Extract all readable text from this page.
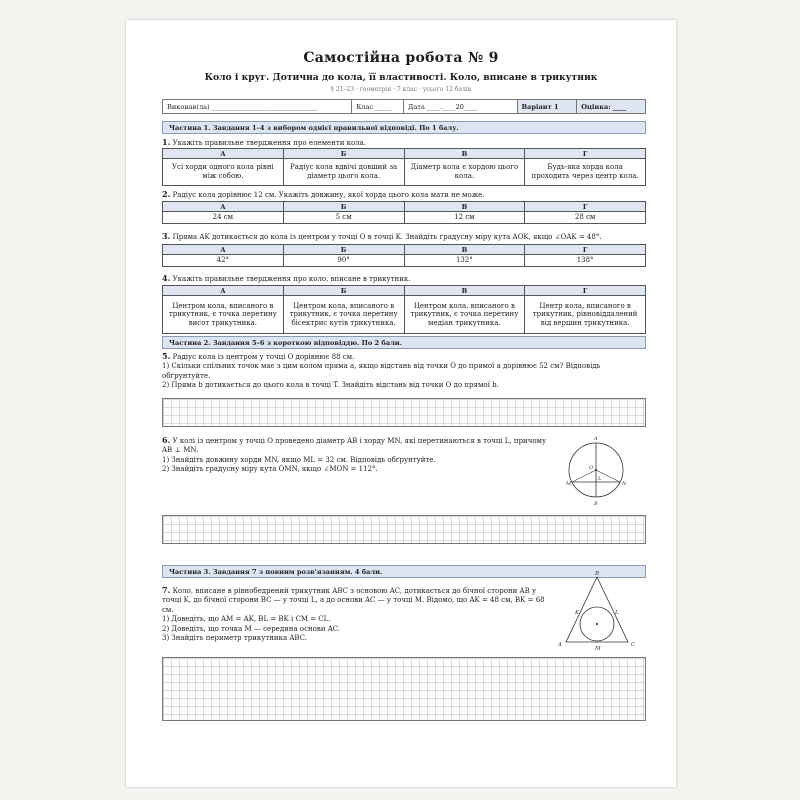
Самостійна робота № 9
Коло і круг. Дотична до кола, її властивості. Коло, вписане в трикутник
§ 21–23 · геометрія · 7 клас · усього 12 балів
Виконав(ла) ________________________________	Клас _____	Дата ____.____20____	Варіант 1	Оцінка: ____
Частина 1. Завдання 1–4 з вибором однієї правильної відповіді. По 1 балу.
1. Укажіть правильне твердження про елементи кола.
А	Б	В	Г
Усі хорди одного кола рівні між собою.	Радіус кола вдвічі довший за діаметр цього кола.	Діаметр кола є хордою цього кола.	Будь-яка хорда кола проходить через центр кола.
2. Радіус кола дорівнює 12 см. Укажіть довжину, якої хорда цього кола мати не може.
А	Б	В	Г
24 см	5 см	12 см	28 см
3. Пряма AK дотикається до кола із центром у точці O в точці K. Знайдіть градусну міру кута AOK, якщо ∠OAK = 48°.
А	Б	В	Г
42°	90°	132°	138°
4. Укажіть правильне твердження про коло, вписане в трикутник.
А	Б	В	Г
Центром кола, вписаного в трикутник, є точка перетину висот трикутника.	Центром кола, вписаного в трикутник, є точка перетину бісектрис кутів трикутника.	Центром кола, вписаного в трикутник, є точка перетину медіан трикутника.	Центр кола, вписаного в трикутник, рівновіддалений від вершин трикутника.
Частина 2. Завдання 5–6 з короткою відповіддю. По 2 бали.
5. Радіус кола із центром у точці O дорівнює 88 см.
1) Скільки спільних точок має з цим колом пряма a, якщо відстань від точки O до прямої a дорівнює 52 см? Відповідь обґрунтуйте.
2) Пряма b дотикається до цього кола в точці T. Знайдіть відстань від точки O до прямої b.
6. У колі із центром у точці O проведено діаметр AB і хорду MN, які перетинаються в точці L, причому AB ⊥ MN.
1) Знайдіть довжину хорди MN, якщо ML = 32 см. Відповідь обґрунтуйте.
2) Знайдіть градусну міру кута OMN, якщо ∠MON = 112°.
A
B
M	N
O
L
Частина 3. Завдання 7 з повним розв'язанням. 4 бали.
7. Коло, вписане в рівнобедрений трикутник ABC з основою AC, дотикається до бічної сторони AB у точці K, до бічної сторони BC — у точці L, а до основи AC — у точці M. Відомо, що AK = 48 см, BK = 68 см.
1) Доведіть, що AM = AK, BL = BK і CM = CL.
2) Доведіть, що точка M — середина основи AC.
3) Знайдіть периметр трикутника ABC.
B
A	C
K	L
M
